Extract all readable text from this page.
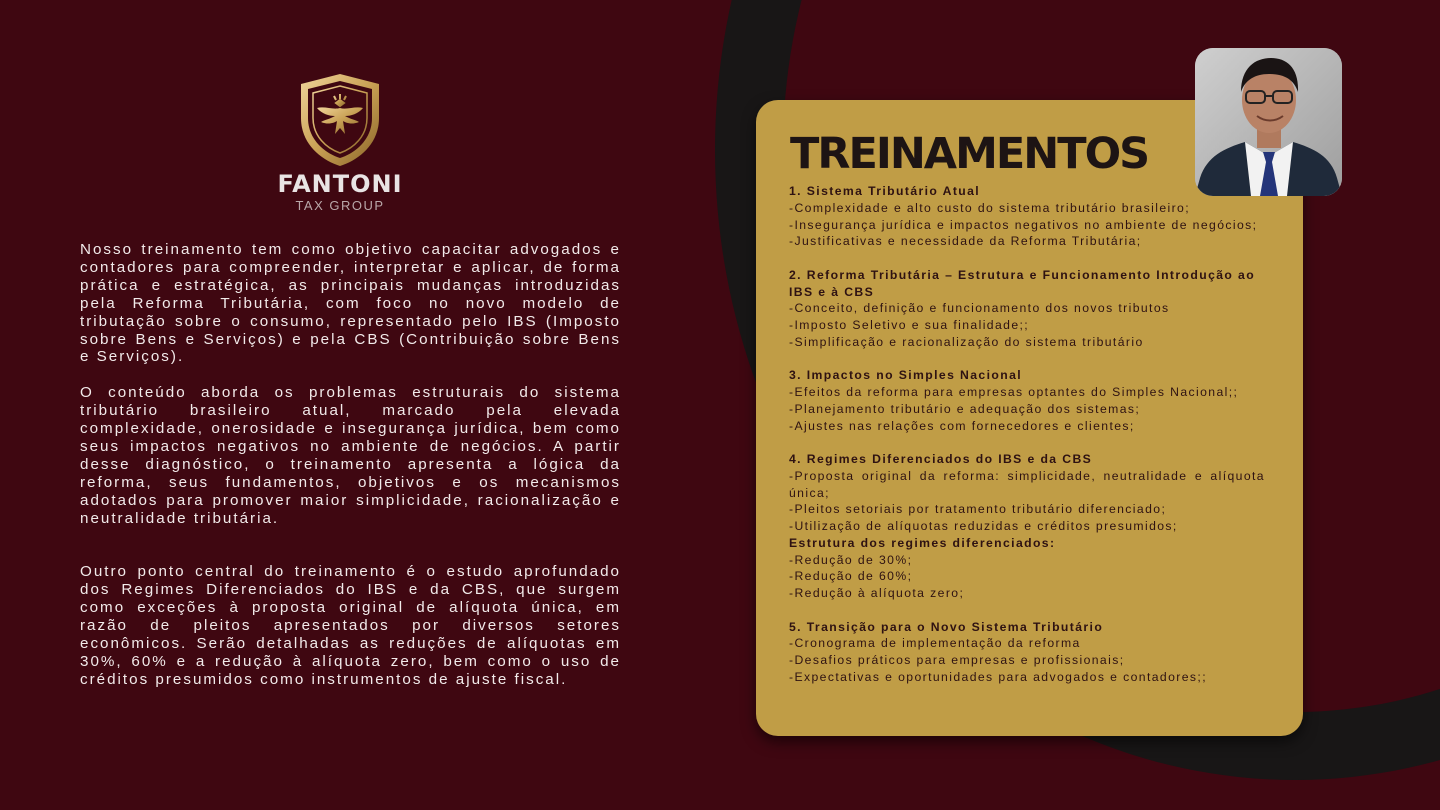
FANTONI
TAX GROUP

Nosso treinamento tem como objetivo capacitar advogados e contadores para compreender, interpretar e aplicar, de forma prática e estratégica, as principais mudanças introduzidas pela Reforma Tributária, com foco no novo modelo de tributação sobre o consumo, representado pelo IBS (Imposto sobre Bens e Serviços) e pela CBS (Contribuição sobre Bens e Serviços).

O conteúdo aborda os problemas estruturais do sistema tributário brasileiro atual, marcado pela elevada complexidade, onerosidade e insegurança jurídica, bem como seus impactos negativos no ambiente de negócios. A partir desse diagnóstico, o treinamento apresenta a lógica da reforma, seus fundamentos, objetivos e os mecanismos adotados para promover maior simplicidade, racionalização e neutralidade tributária.

Outro ponto central do treinamento é o estudo aprofundado dos Regimes Diferenciados do IBS e da CBS, que surgem como exceções à proposta original de alíquota única, em razão de pleitos apresentados por diversos setores econômicos. Serão detalhadas as reduções de alíquotas em 30%, 60% e a redução à alíquota zero, bem como o uso de créditos presumidos como instrumentos de ajuste fiscal.

TREINAMENTOS
1. Sistema Tributário Atual
-Complexidade e alto custo do sistema tributário brasileiro;
-Insegurança jurídica e impactos negativos no ambiente de negócios;
-Justificativas e necessidade da Reforma Tributária;
2. Reforma Tributária – Estrutura e Funcionamento Introdução ao IBS e à CBS
-Conceito, definição e funcionamento dos novos tributos
-Imposto Seletivo e sua finalidade;;
-Simplificação e racionalização do sistema tributário
3. Impactos no Simples Nacional
-Efeitos da reforma para empresas optantes do Simples Nacional;;
-Planejamento tributário e adequação dos sistemas;
-Ajustes nas relações com fornecedores e clientes;
4. Regimes Diferenciados do IBS e da CBS
-Proposta original da reforma: simplicidade, neutralidade e alíquota única;
-Pleitos setoriais por tratamento tributário diferenciado;
-Utilização de alíquotas reduzidas e créditos presumidos;
Estrutura dos regimes diferenciados:
-Redução de 30%;
-Redução de 60%;
-Redução à alíquota zero;
5. Transição para o Novo Sistema Tributário
-Cronograma de implementação da reforma
-Desafios práticos para empresas e profissionais;
-Expectativas e oportunidades para advogados e contadores;;
